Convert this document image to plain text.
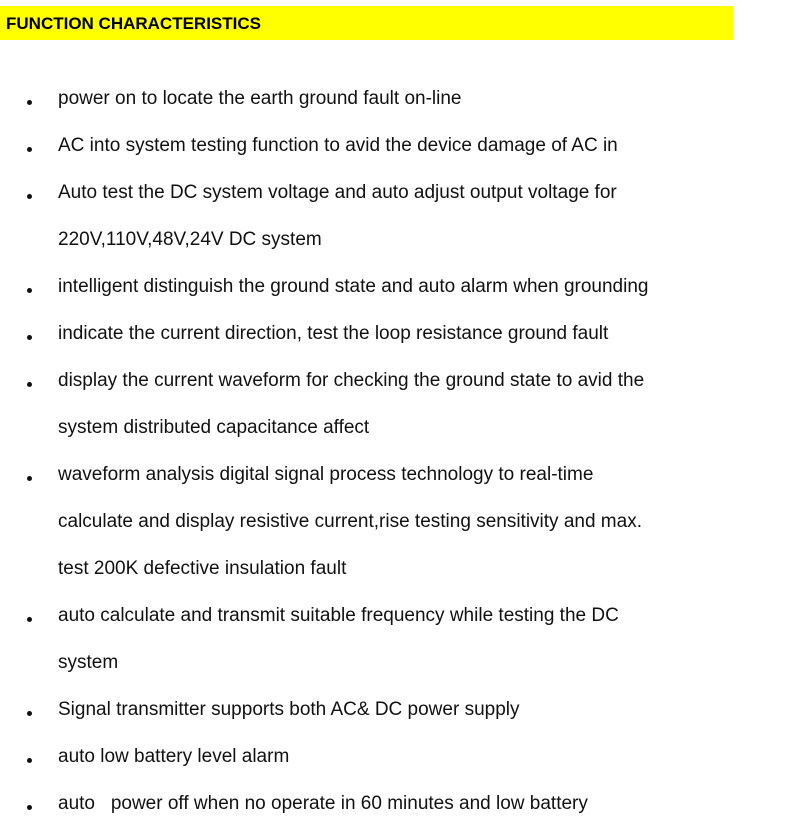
FUNCTION CHARACTERISTICS
power on to locate the earth ground fault on-line
AC into system testing function to avid the device damage of AC in
Auto test the DC system voltage and auto adjust output voltage for
220V,110V,48V,24V DC system
intelligent distinguish the ground state and auto alarm when grounding
indicate the current direction, test the loop resistance ground fault
display the current waveform for checking the ground state to avid the
system distributed capacitance affect
waveform analysis digital signal process technology to real-time
calculate and display resistive current,rise testing sensitivity and max.
test 200K defective insulation fault
auto calculate and transmit suitable frequency while testing the DC
system
Signal transmitter supports both AC& DC power supply
auto low battery level alarm
auto   power off when no operate in 60 minutes and low battery
